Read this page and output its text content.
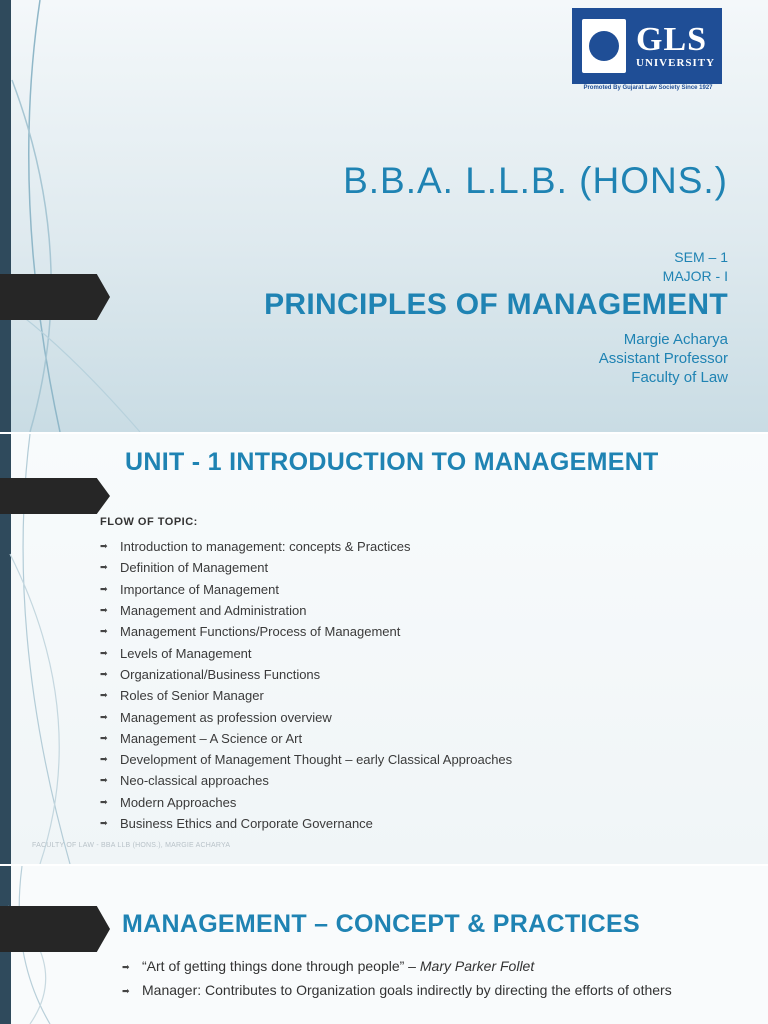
GLS
UNIVERSITY
Promoted By Gujarat Law Society Since 1927
B.B.A. L.L.B. (HONS.)
SEM – 1
MAJOR - I
PRINCIPLES OF MANAGEMENT
Margie Acharya
Assistant Professor
Faculty of Law
UNIT - 1 INTRODUCTION TO MANAGEMENT
FLOW OF TOPIC:
➡ Introduction to management: concepts & Practices
➡ Definition of Management
➡ Importance of Management
➡ Management and Administration
➡ Management Functions/Process of Management
➡ Levels of Management
➡ Organizational/Business Functions
➡ Roles of Senior Manager
➡ Management as profession overview
➡ Management – A Science or Art
➡ Development of Management Thought – early Classical Approaches
➡ Neo-classical approaches
➡ Modern Approaches
➡ Business Ethics and Corporate Governance
FACULTY OF LAW - BBA LLB (HONS.), MARGIE ACHARYA
MANAGEMENT – CONCEPT & PRACTICES
➡ “Art of getting things done through people” – Mary Parker Follet
➡ Manager: Contributes to Organization goals indirectly by directing the efforts of others
